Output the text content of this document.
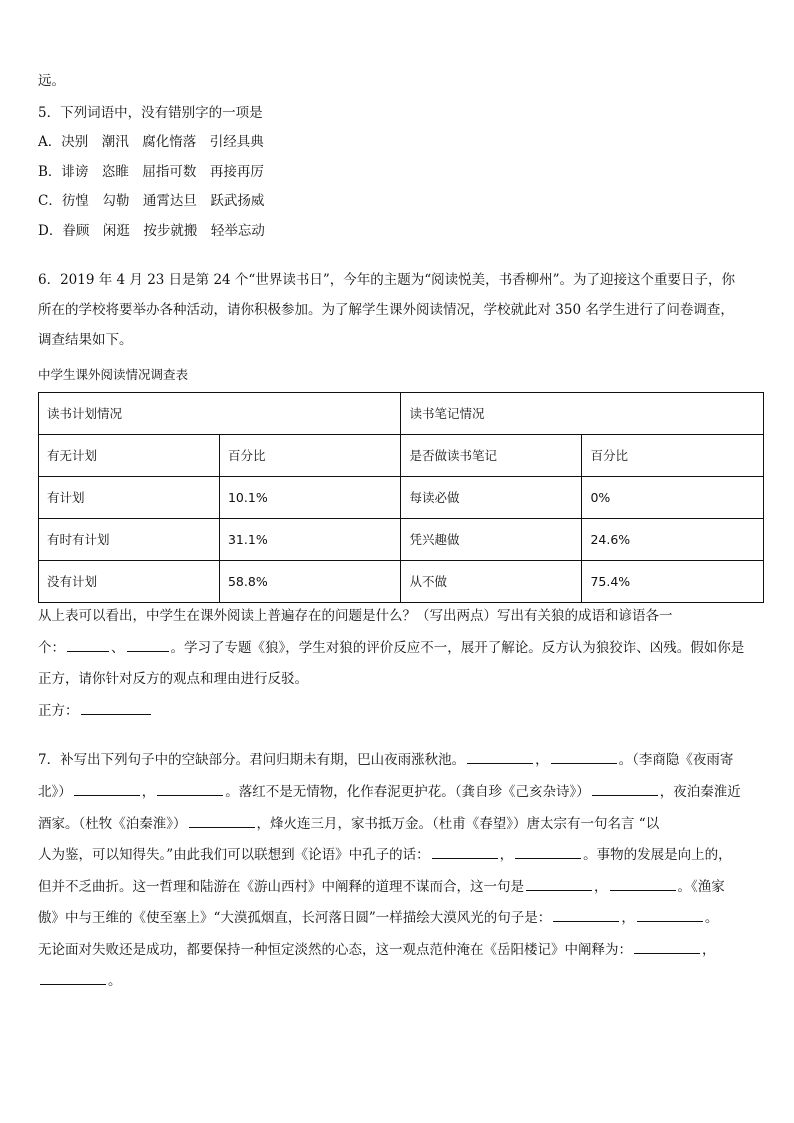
远。

5．下列词语中，没有错别字的一项是

A．决别　潮汛　腐化惰落　引经具典

B．诽谤　恣睢　屈指可数　再接再厉

C．彷惶　勾勒　通霄达旦　跃武扬威

D．眷顾　闲逛　按步就搬　轻举忘动

6．2019 年 4 月 23 日是第 24 个“世界读书日”，今年的主题为“阅读悦美，书香柳州”。为了迎接这个重要日子，你

所在的学校将要举办各种活动，请你积极参加。为了解学生课外阅读情况，学校就此对 350 名学生进行了问卷调查，

调查结果如下。

中学生课外阅读情况调查表

读书计划情况		读书笔记情况	
有无计划	百分比	是否做读书笔记	百分比
有计划	10.1%	每读必做	0%
有时有计划	31.1%	凭兴趣做	24.6%
没有计划	58.8%	从不做	75.4%

从上表可以看出，中学生在课外阅读上普遍存在的问题是什么？（写出两点）写出有关狼的成语和谚语各一

个：	、	。学习了专题《狼》，学生对狼的评价反应不一，展开了解论。反方认为狼狡诈、凶残。假如你是

正方，请你针对反方的观点和理由进行反驳。

正方：

7．补写出下列句子中的空缺部分。君问归期未有期，巴山夜雨涨秋池。	，	。（李商隐《夜雨寄

北》）	，	。落红不是无情物，化作春泥更护花。（龚自珍《己亥杂诗》）	，夜泊秦淮近

酒家。（杜牧《泊秦淮》）	，烽火连三月，家书抵万金。（杜甫《春望》）唐太宗有一句名言 “以

人为鉴，可以知得失。”由此我们可以联想到《论语》中孔子的话：	，	。事物的发展是向上的，

但并不乏曲折。这一哲理和陆游在《游山西村》中阐释的道理不谋而合，这一句是	，	。《渔家

傲》中与王维的《使至塞上》“大漠孤烟直，长河落日圆”一样描绘大漠风光的句子是：	，	。

无论面对失败还是成功，都要保持一种恒定淡然的心态，这一观点范仲淹在《岳阳楼记》中阐释为：	，

。
